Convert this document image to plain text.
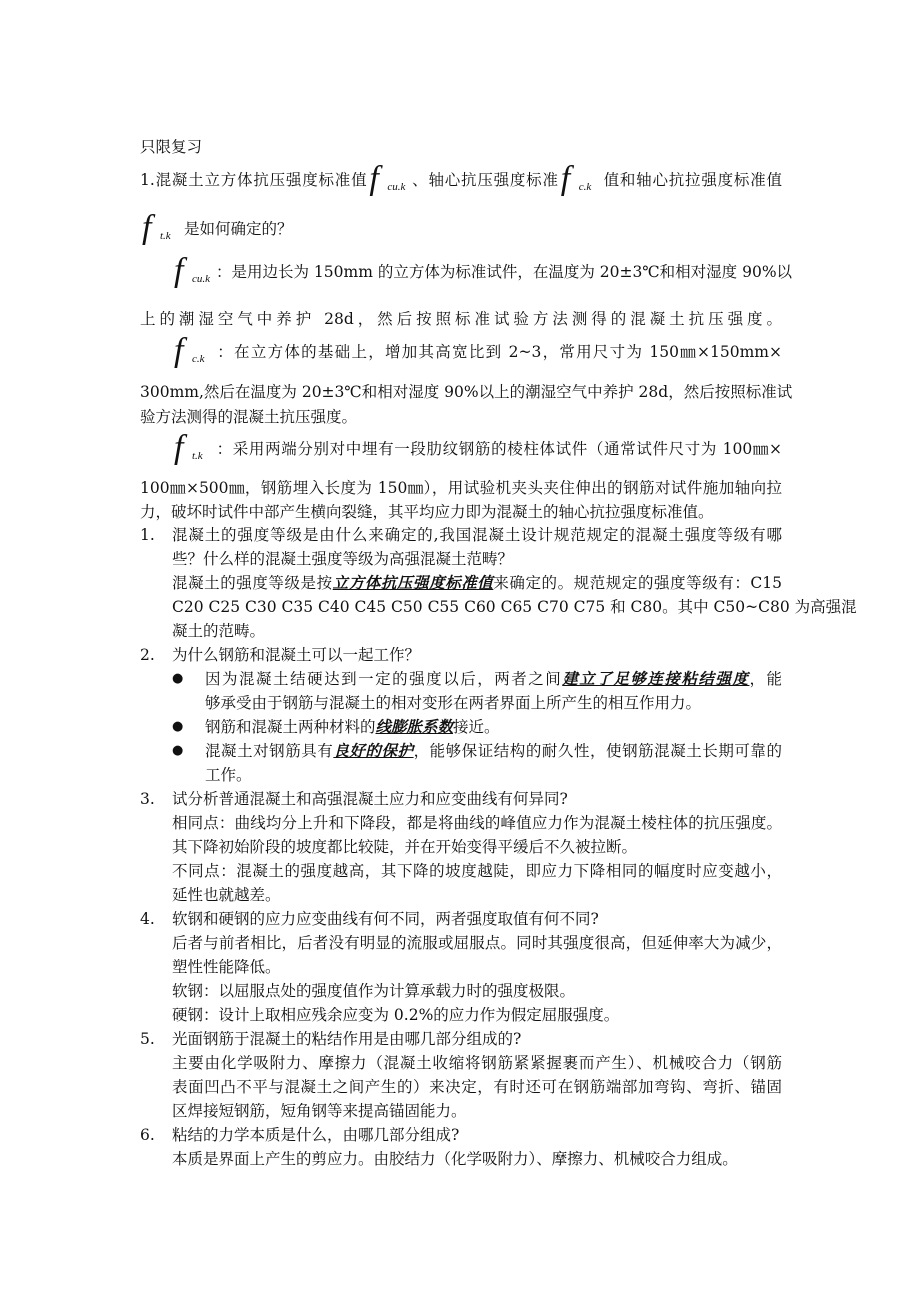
只限复习
1.混凝土立方体抗压强度标准值 f cu.k 、轴心抗压强度标准 f c.k 值和轴心抗拉强度标准值
f t.k 是如何确定的？
f cu.k ：是用边长为 150mm 的立方体为标准试件，在温度为 20±3℃和相对湿度 90%以
上的潮湿空气中养护 28d，然后按照标准试验方法测得的混凝土抗压强度。
f c.k ：在立方体的基础上，增加其高宽比到 2~3，常用尺寸为 150㎜×150mm×
300mm,然后在温度为 20±3℃和相对湿度 90%以上的潮湿空气中养护 28d，然后按照标准试
验方法测得的混凝土抗压强度。
f t.k ：采用两端分别对中埋有一段肋纹钢筋的棱柱体试件（通常试件尺寸为 100㎜×
100㎜×500㎜，钢筋埋入长度为 150㎜），用试验机夹头夹住伸出的钢筋对试件施加轴向拉
力，破坏时试件中部产生横向裂缝，其平均应力即为混凝土的轴心抗拉强度标准值。
1. 混凝土的强度等级是由什么来确定的,我国混凝土设计规范规定的混凝土强度等级有哪
些？什么样的混凝土强度等级为高强混凝土范畴？
混凝土的强度等级是按立方体抗压强度标准值来确定的。规范规定的强度等级有：C15
C20 C25 C30 C35 C40 C45 C50 C55 C60 C65 C70 C75 和 C80。其中 C50~C80 为高强混
凝土的范畴。
2. 为什么钢筋和混凝土可以一起工作？
● 因为混凝土结硬达到一定的强度以后，两者之间建立了足够连接粘结强度，能
够承受由于钢筋与混凝土的相对变形在两者界面上所产生的相互作用力。
● 钢筋和混凝土两种材料的线膨胀系数接近。
● 混凝土对钢筋具有良好的保护，能够保证结构的耐久性，使钢筋混凝土长期可靠的
工作。
3. 试分析普通混凝土和高强混凝土应力和应变曲线有何异同?
相同点：曲线均分上升和下降段，都是将曲线的峰值应力作为混凝土棱柱体的抗压强度。
其下降初始阶段的坡度都比较陡，并在开始变得平缓后不久被拉断。
不同点：混凝土的强度越高，其下降的坡度越陡，即应力下降相同的幅度时应变越小，
延性也就越差。
4. 软钢和硬钢的应力应变曲线有何不同，两者强度取值有何不同?
后者与前者相比，后者没有明显的流服或屈服点。同时其强度很高，但延伸率大为减少，
塑性性能降低。
软钢：以屈服点处的强度值作为计算承载力时的强度极限。
硬钢：设计上取相应残余应变为 0.2%的应力作为假定屈服强度。
5. 光面钢筋于混凝土的粘结作用是由哪几部分组成的?
主要由化学吸附力、摩擦力（混凝土收缩将钢筋紧紧握裹而产生）、机械咬合力（钢筋
表面凹凸不平与混凝土之间产生的）来决定，有时还可在钢筋端部加弯钩、弯折、锚固
区焊接短钢筋，短角钢等来提高锚固能力。
6. 粘结的力学本质是什么，由哪几部分组成?
本质是界面上产生的剪应力。由胶结力（化学吸附力）、摩擦力、机械咬合力组成。
